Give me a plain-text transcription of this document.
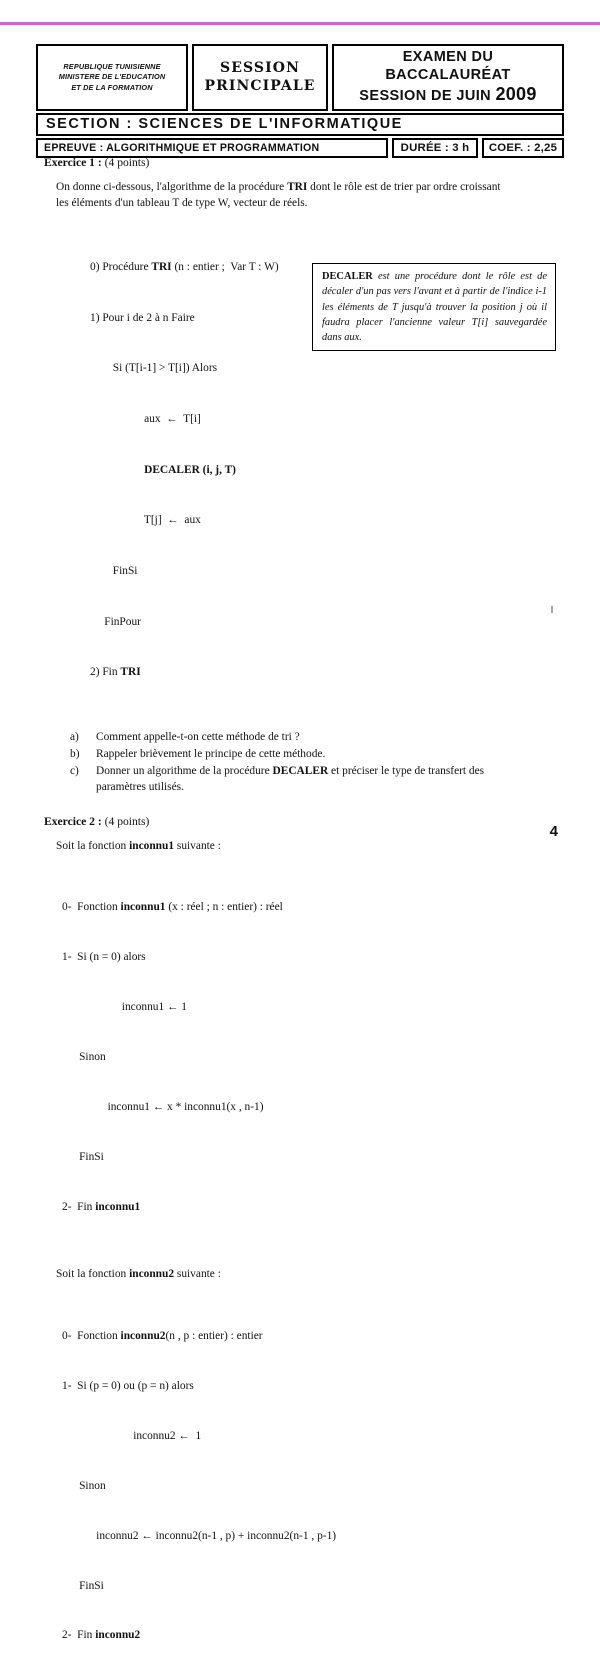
REPUBLIQUE TUNISIENNE
MINISTERE DE L'EDUCATION
ET DE LA FORMATION
SESSION
PRINCIPALE
EXAMEN DU
BACCALAURÉAT
SESSION DE JUIN 2009
SECTION : SCIENCES DE L'INFORMATIQUE
EPREUVE : ALGORITHMIQUE ET PROGRAMMATION	DURÉE : 3 h COEF. : 2,25
Exercice 1 : (4 points)
On donne ci-dessous, l'algorithme de la procédure TRI dont le rôle est de trier par ordre croissant
les éléments d'un tableau T de type W, vecteur de réels.

0) Procédure TRI (n : entier ;  Var T : W)

1) Pour i de 2 à n Faire

Si (T[i-1] > T[i]) Alors

aux  ←  T[i]

DECALER (i, j, T)

T[j]  ←  aux

FinSi

FinPour

2) Fin TRI

DECALER est une procédure dont le rôle est de décaler d'un pas vers l'avant et à partir de l'indice i-1 les éléments de T jusqu'à trouver la position j où il faudra placer l'ancienne valeur T[i] sauvegardée dans aux.
a)	Comment appelle-t-on cette méthode de tri ?
b)	Rappeler brièvement le principe de cette méthode.
c)	Donner un algorithme de la procédure DECALER et préciser le type de transfert des
paramètres utilisés.
Exercice 2 : (4 points)
Soit la fonction inconnu1 suivante :

0-  Fonction inconnu1 (x : réel ; n : entier) : réel

1-  Si (n = 0) alors

inconnu1 ← 1

Sinon

inconnu1 ← x * inconnu1(x , n-1)

FinSi

2-  Fin inconnu1

Soit la fonction inconnu2 suivante :

0-  Fonction inconnu2(n , p : entier) : entier

1-  Si (p = 0) ou (p = n) alors

inconnu2 ←  1

Sinon

inconnu2 ← inconnu2(n-1 , p) + inconnu2(n-1 , p-1)

FinSi

2-  Fin inconnu2

4
